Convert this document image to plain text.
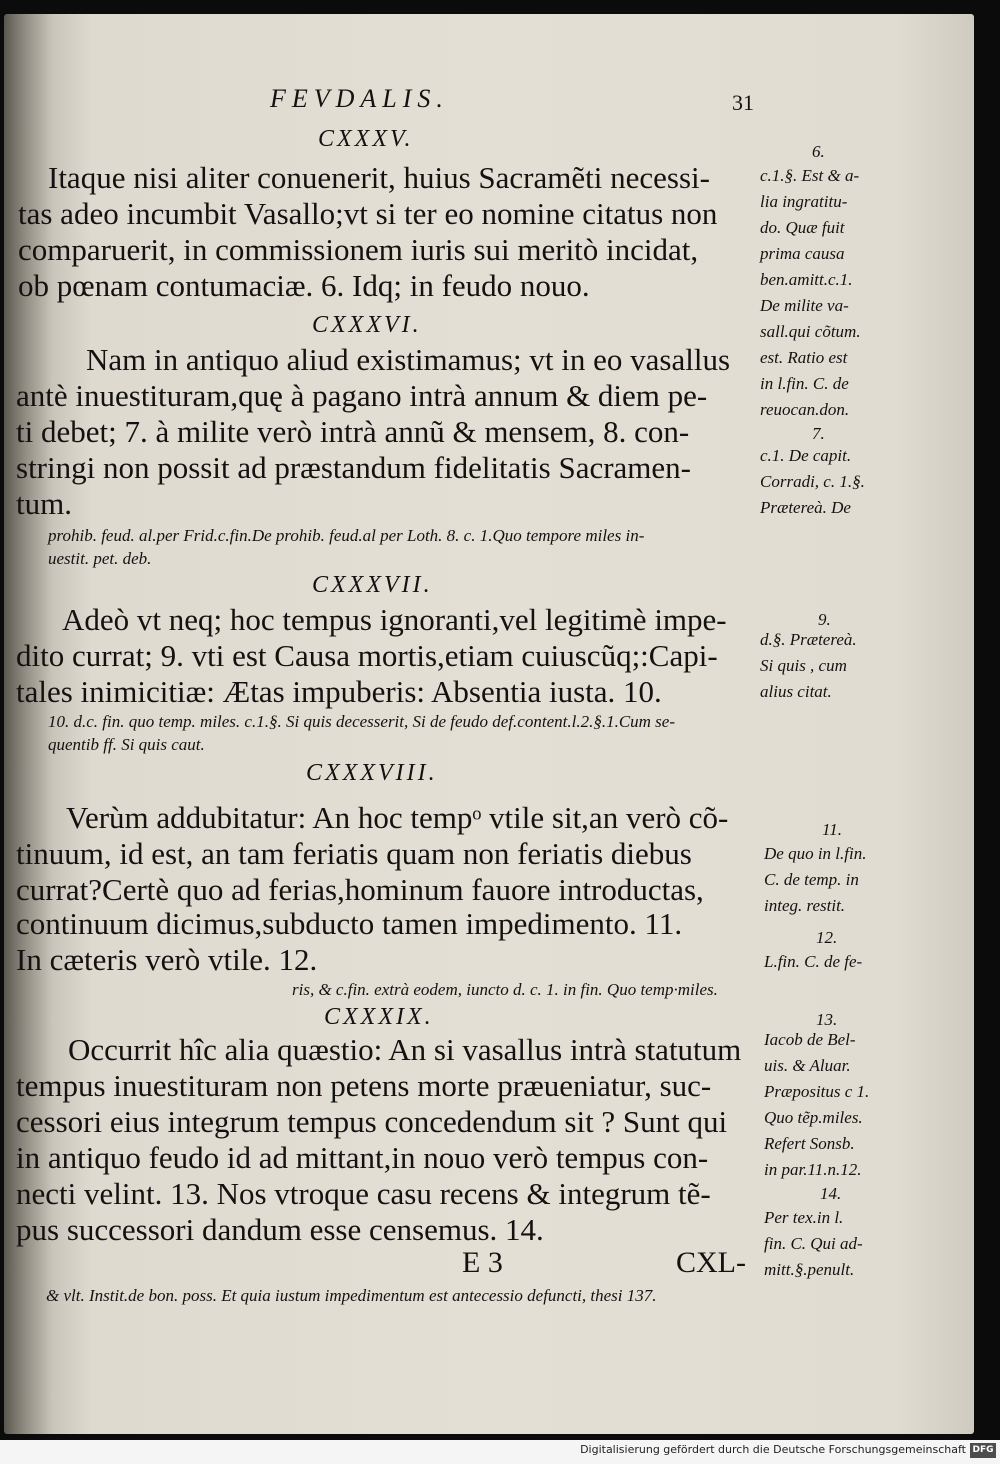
FEVDALIS.	31
CXXXV.
Itaque nisi aliter conuenerit, huius Sacramẽti necessi-
tas adeo incumbit Vasallo;vt si ter eo nomine citatus non
comparuerit, in commissionem iuris sui meritò incidat,
ob pœnam contumaciæ. 6. Idq; in feudo nouo.
CXXXVI.
Nam in antiquo aliud existimamus; vt in eo vasallus
antè inuestituram,quę à pagano intrà annum & diem pe-
ti debet; 7. à milite verò intrà annũ & mensem, 8. con-
stringi non possit ad præstandum fidelitatis Sacramen-
tum.
prohib. feud. al.per Frid.c.fin.De prohib. feud.al per Loth. 8. c. 1.Quo tempore miles in-
uestit. pet. deb.
CXXXVII.
Adeò vt neq; hoc tempus ignoranti,vel legitimè impe-
dito currat; 9. vti est Causa mortis,etiam cuiuscũq;:Capi-
tales inimicitiæ: Ætas impuberis: Absentia iusta. 10.
10. d.c. fin. quo temp. miles. c.1.§. Si quis decesserit, Si de feudo def.content.l.2.§.1.Cum se-
quentib ff. Si quis caut.
CXXXVIII.
Verùm addubitatur: An hoc tempᵒ vtile sit,an verò cõ-
tinuum, id est, an tam feriatis quam non feriatis diebus
currat?Certè quo ad ferias,hominum fauore introductas,
continuum dicimus,subducto tamen impedimento. 11.
In cæteris verò vtile. 12.
ris, & c.fin. extrà eodem, iuncto d. c. 1. in fin. Quo temp·miles.
CXXXIX.
Occurrit hîc alia quæstio: An si vasallus intrà statutum
tempus inuestituram non petens morte præueniatur, suc-
cessori eius integrum tempus concedendum sit ? Sunt qui
in antiquo feudo id ad mittant,in nouo verò tempus con-
necti velint. 13. Nos vtroque casu recens & integrum tẽ-
pus successori dandum esse censemus. 14.
E 3	CXL-
& vlt. Instit.de bon. poss. Et quia iustum impedimentum est antecessio defuncti, thesi 137.
6.
c.1.§. Est & a-
lia ingratitu-
do. Quæ fuit
prima causa
ben.amitt.c.1.
De milite va-
sall.qui cõtum.
est. Ratio est
in l.fin. C. de
reuocan.don.
7.
c.1. De capit.
Corradi, c. 1.§.
Prætereà. De
9.
d.§. Prætereà.
Si quis , cum
alius citat.
11.
De quo in l.fin.
C. de temp. in
integ. restit.
12.
L.fin. C. de fe-
13.
Iacob de Bel-
uis. & Aluar.
Præpositus c 1.
Quo tẽp.miles.
Refert Sonsb.
in par.11.n.12.
14.
Per tex.in l.
fin. C. Qui ad-
mitt.§.penult.
Digitalisierung gefördert durch die Deutsche Forschungsgemeinschaft DFG
